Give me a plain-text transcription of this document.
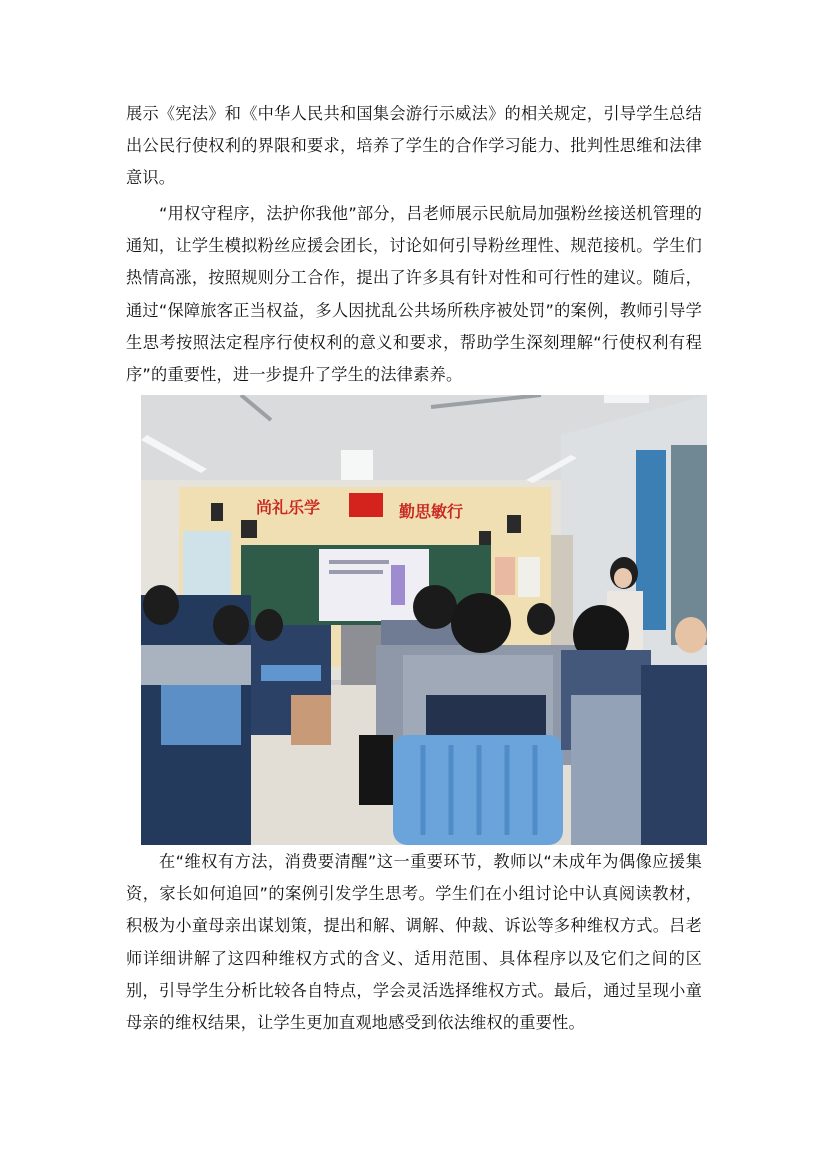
展示《宪法》和《中华人民共和国集会游行示威法》的相关规定，引导学生总结出公民行使权利的界限和要求，培养了学生的合作学习能力、批判性思维和法律意识。

“用权守程序，法护你我他”部分，吕老师展示民航局加强粉丝接送机管理的通知，让学生模拟粉丝应援会团长，讨论如何引导粉丝理性、规范接机。学生们热情高涨，按照规则分工合作，提出了许多具有针对性和可行性的建议。随后，通过“保障旅客正当权益，多人因扰乱公共场所秩序被处罚”的案例，教师引导学生思考按照法定程序行使权利的意义和要求，帮助学生深刻理解“行使权利有程序”的重要性，进一步提升了学生的法律素养。

尚礼乐学	勤思敏行

在“维权有方法，消费要清醒”这一重要环节，教师以“未成年为偶像应援集资，家长如何追回”的案例引发学生思考。学生们在小组讨论中认真阅读教材，积极为小童母亲出谋划策，提出和解、调解、仲裁、诉讼等多种维权方式。吕老师详细讲解了这四种维权方式的含义、适用范围、具体程序以及它们之间的区别，引导学生分析比较各自特点，学会灵活选择维权方式。最后，通过呈现小童母亲的维权结果，让学生更加直观地感受到依法维权的重要性。
